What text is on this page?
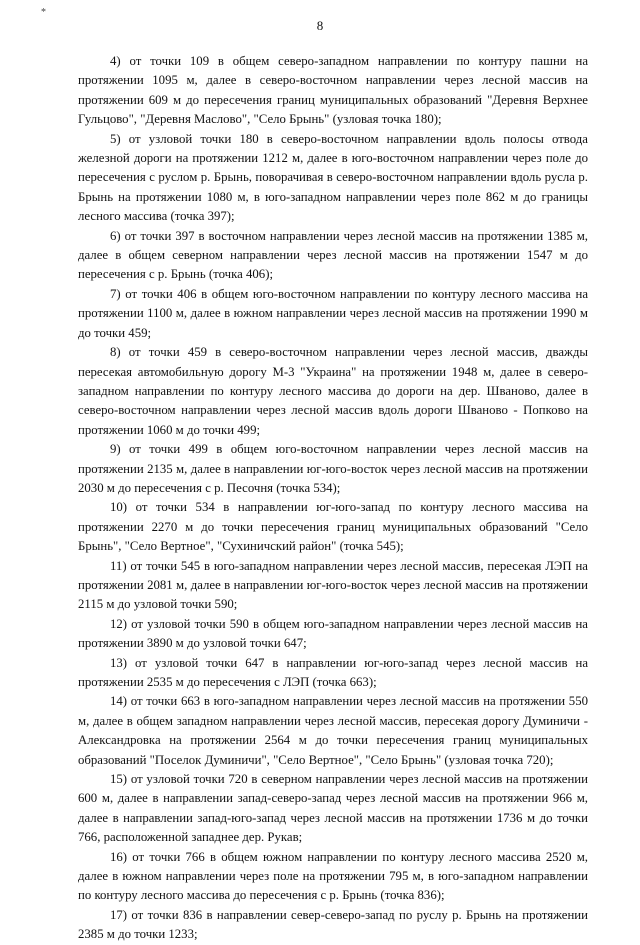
*
8

4) от точки 109 в общем северо-западном направлении по контуру пашни на протяжении 1095 м, далее в северо-восточном направлении через лесной массив на протяжении 609 м до пересечения границ муниципальных образований "Деревня Верхнее Гульцово", "Деревня Маслово", "Село Брынь" (узловая точка 180);

5) от узловой точки 180 в северо-восточном направлении вдоль полосы отвода железной дороги на протяжении 1212 м, далее в юго-восточном направлении через поле до пересечения с руслом р. Брынь, поворачивая в северо-восточном направлении вдоль русла р. Брынь на протяжении 1080 м, в юго-западном направлении через поле 862 м до границы лесного массива (точка 397);

6) от точки 397 в восточном направлении через лесной массив на протяжении 1385 м, далее в общем северном направлении через лесной массив на протяжении 1547 м до пересечения с р. Брынь (точка 406);

7) от точки 406 в общем юго-восточном направлении по контуру лесного массива на протяжении 1100 м, далее в южном направлении через лесной массив на протяжении 1990 м до точки 459;

8) от точки 459 в северо-восточном направлении через лесной массив, дважды пересекая автомобильную дорогу М-3 "Украина" на протяжении 1948 м, далее в северо-западном направлении по контуру лесного массива до дороги на дер. Шваново, далее в северо-восточном направлении через лесной массив вдоль дороги Шваново - Попково на протяжении 1060 м до точки 499;

9) от точки 499 в общем юго-восточном направлении через лесной массив на протяжении 2135 м, далее в направлении юг-юго-восток через лесной массив на протяжении 2030 м до пересечения с р. Песочня (точка 534);

10) от точки 534 в направлении юг-юго-запад по контуру лесного массива на протяжении 2270 м до точки пересечения границ муниципальных образований "Село Брынь", "Село Вертное", "Сухиничский район" (точка 545);

11) от точки 545 в юго-западном направлении через лесной массив, пересекая ЛЭП на протяжении 2081 м, далее в направлении юг-юго-восток через лесной массив на протяжении 2115 м до узловой точки 590;

12) от узловой точки 590 в общем юго-западном направлении через лесной массив на протяжении 3890 м до узловой точки 647;

13) от узловой точки 647 в направлении юг-юго-запад через лесной массив на протяжении 2535 м до пересечения с ЛЭП (точка 663);

14) от точки 663 в юго-западном направлении через лесной массив на протяжении 550 м, далее в общем западном направлении через лесной массив, пересекая дорогу Думиничи - Александровка на протяжении 2564 м до точки пересечения границ муниципальных образований "Поселок Думиничи", "Село Вертное", "Село Брынь" (узловая точка 720);

15) от узловой точки 720 в северном направлении через лесной массив на протяжении 600 м, далее в направлении запад-северо-запад через лесной массив на протяжении 966 м, далее в направлении запад-юго-запад через лесной массив на протяжении 1736 м до точки 766, расположенной западнее дер. Рукав;

16) от точки 766 в общем южном направлении по контуру лесного массива 2520 м, далее в южном направлении через поле на протяжении 795 м, в юго-западном направлении по контуру лесного массива до пересечения с р. Брынь (точка 836);

17) от точки 836 в направлении север-северо-запад по руслу р. Брынь на протяжении 2385 м до точки 1233;
